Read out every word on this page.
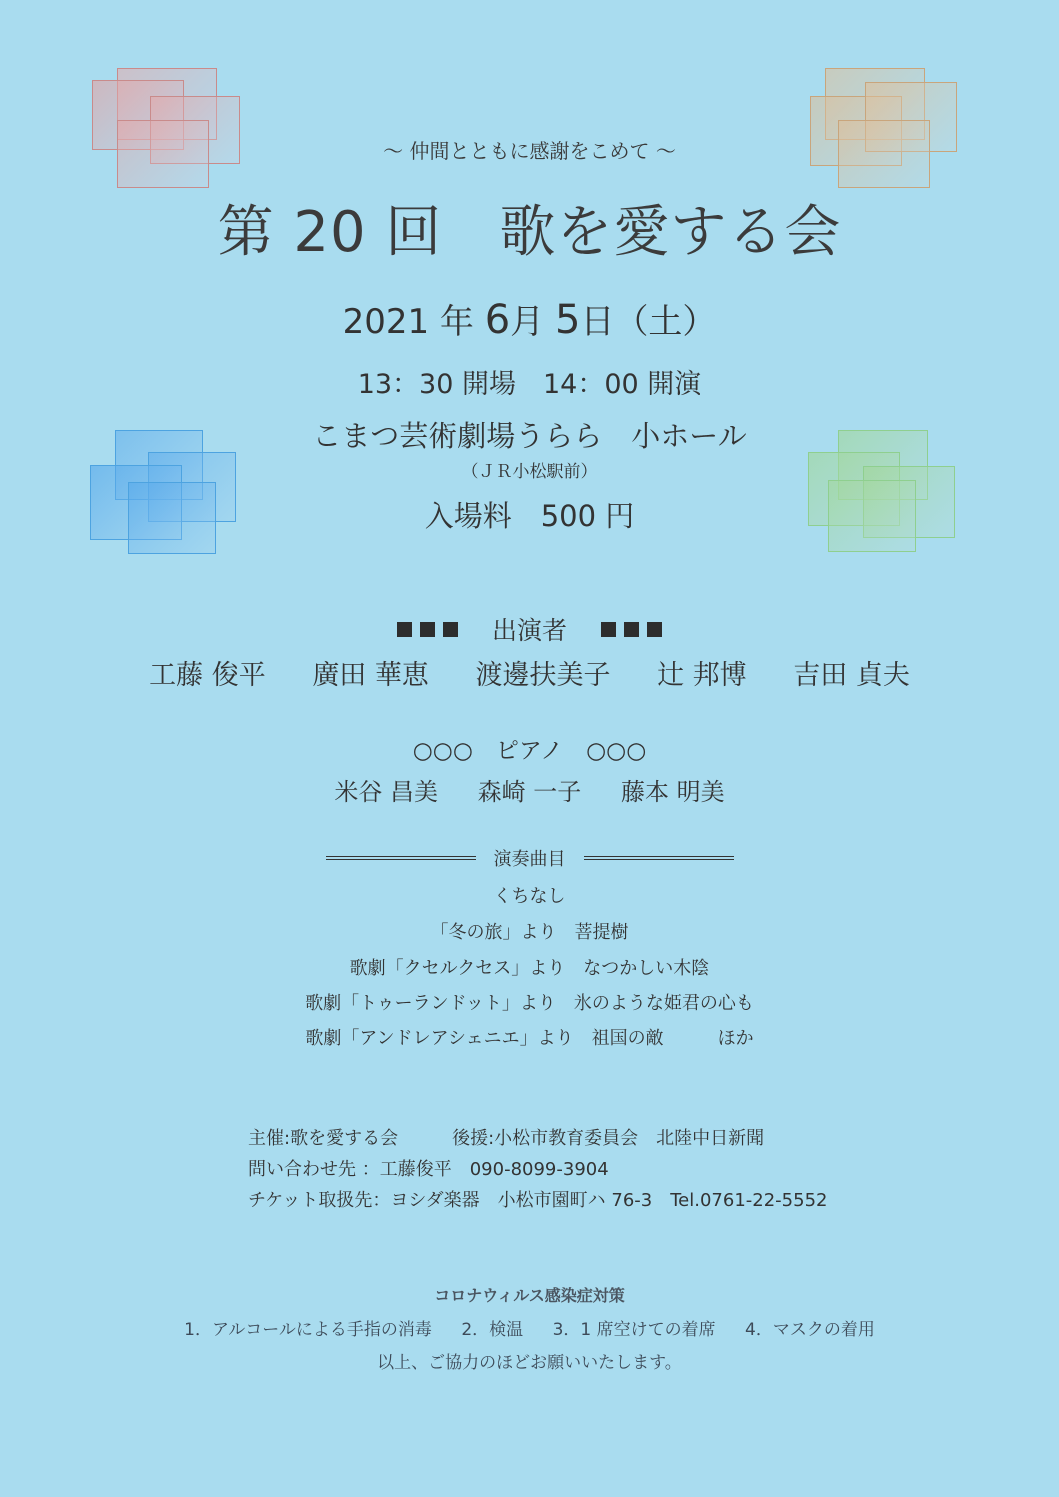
～ 仲間とともに感謝をこめて ～
第 20 回　歌を愛する会
2021 年 6月 5日（土）
13：30 開場　14：00 開演
こまつ芸術劇場うらら　小ホール
（ＪＲ小松駅前）
入場料　500 円
出演者
工藤 俊平 廣田 華恵 渡邊扶美子 辻 邦博 吉田 貞夫
○○○　ピアノ　○○○
米谷 昌美 森崎 一子 藤本 明美
演奏曲目
くちなし
「冬の旅」より　菩提樹
歌劇「クセルクセス」より　なつかしい木陰
歌劇「トゥーランドット」より　氷のような姫君の心も
歌劇「アンドレアシェニエ」より　祖国の敵　　　ほか
主催:歌を愛する会　　　後援:小松市教育委員会　北陸中日新聞
問い合わせ先 ：工藤俊平　090-8099-3904
チケット取扱先：ヨシダ楽器　小松市園町ハ 76-3　Tel.0761-22-5552
コロナウィルス感染症対策
1．アルコールによる手指の消毒 2．検温 3．1 席空けての着席 4．マスクの着用
以上、ご協力のほどお願いいたします。
